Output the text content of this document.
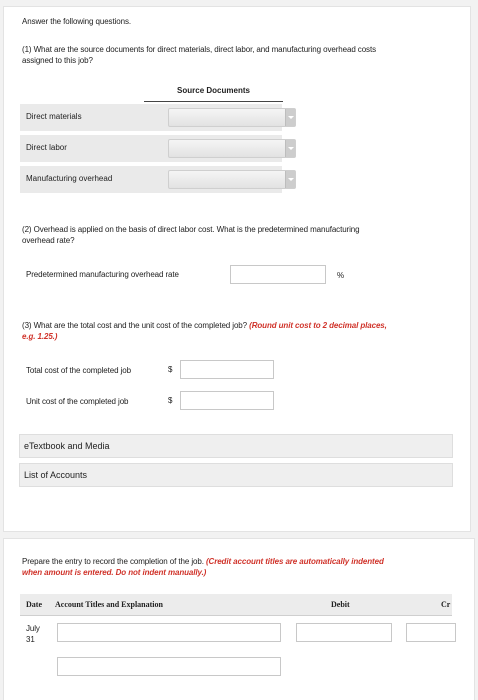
Answer the following questions.
(1) What are the source documents for direct materials, direct labor, and manufacturing overhead costs
assigned to this job?
Source Documents
Direct materials
Direct labor
Manufacturing overhead
(2) Overhead is applied on the basis of direct labor cost. What is the predetermined manufacturing
overhead rate?
Predetermined manufacturing overhead rate	%
(3) What are the total cost and the unit cost of the completed job? (Round unit cost to 2 decimal places,
e.g. 1.25.)
Total cost of the completed job	$
Unit cost of the completed job	$
eTextbook and Media
List of Accounts
Prepare the entry to record the completion of the job. (Credit account titles are automatically indented
when amount is entered. Do not indent manually.)
Date Account Titles and Explanation	Debit	Cr
July
31
